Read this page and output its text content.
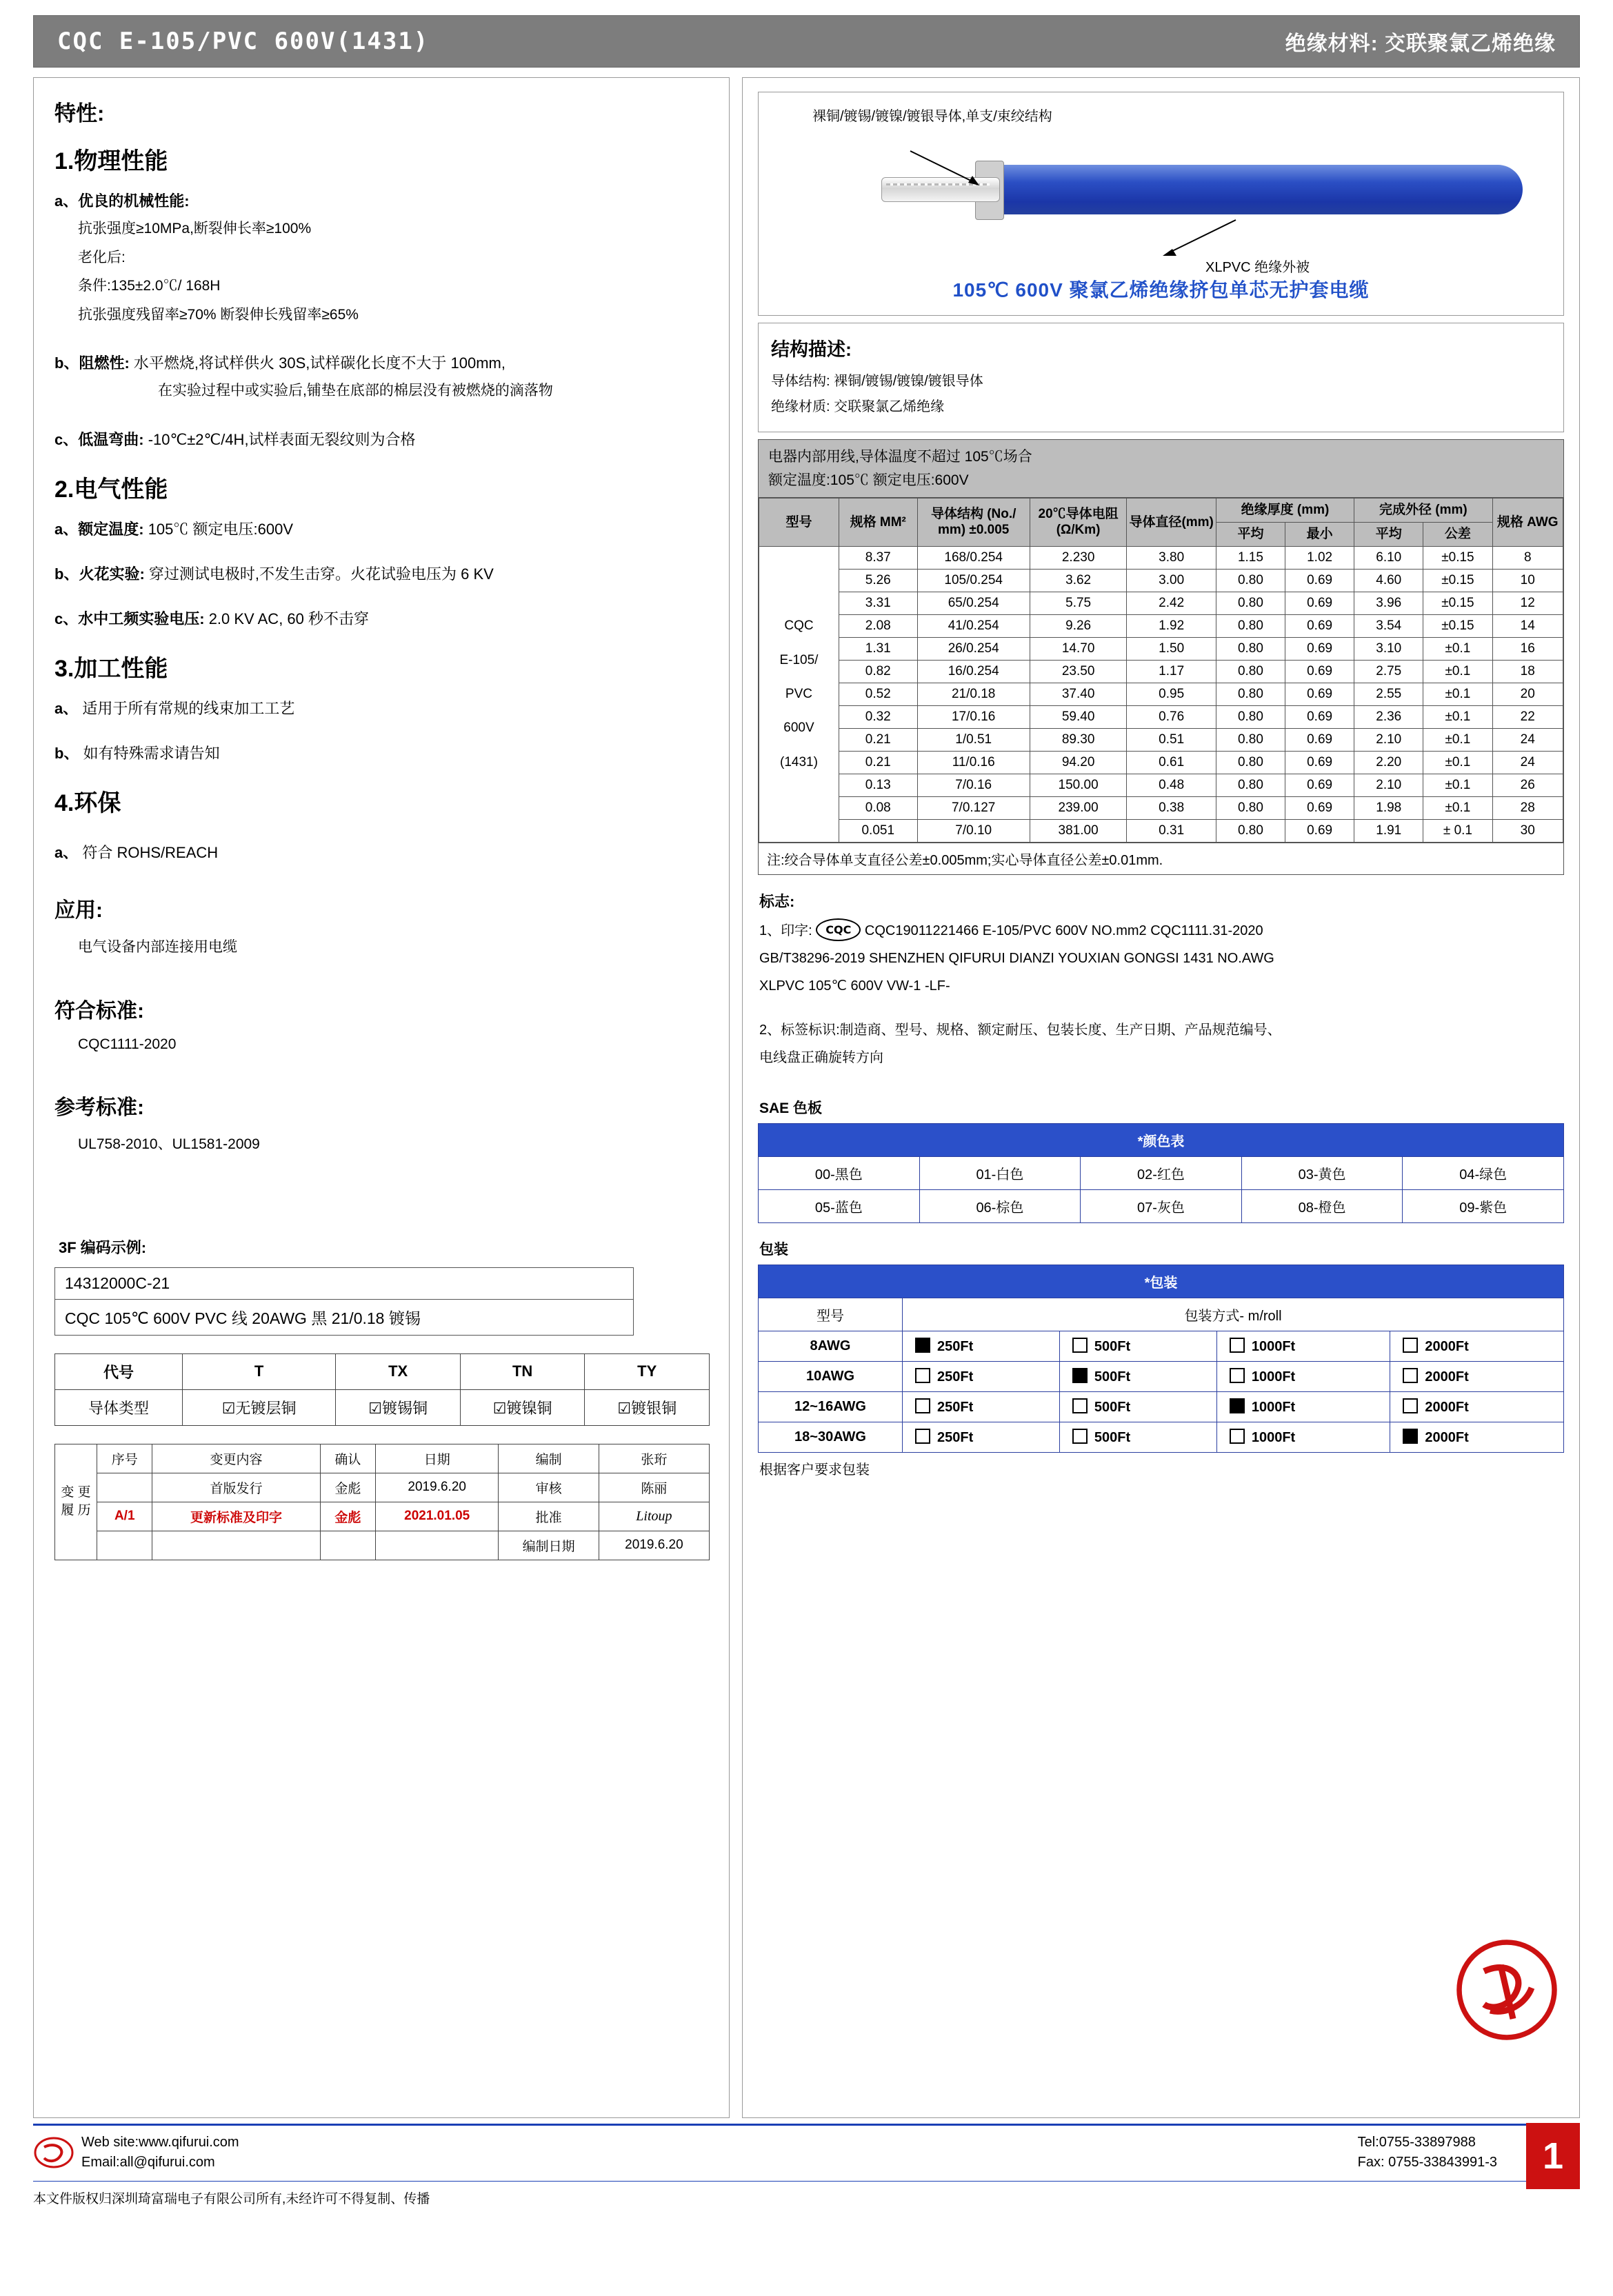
CQC E-105/PVC 600V(1431)	绝缘材料: 交联聚氯乙烯绝缘
特性:
1.物理性能
a、优良的机械性能:
抗张强度≥10MPa,断裂伸长率≥100%
老化后:
条件:135±2.0℃/ 168H
抗张强度残留率≥70% 断裂伸长残留率≥65%
b、阻燃性: 水平燃烧,将试样供火 30S,试样碳化长度不大于 100mm,
在实验过程中或实验后,铺垫在底部的棉层没有被燃烧的滴落物
c、低温弯曲: -10℃±2℃/4H,试样表面无裂纹则为合格
2.电气性能
a、额定温度: 105℃ 额定电压:600V
b、火花实验: 穿过测试电极时,不发生击穿。火花试验电压为 6 KV
c、水中工频实验电压: 2.0 KV AC, 60 秒不击穿
3.加工性能
a、 适用于所有常规的线束加工工艺
b、 如有特殊需求请告知
4.环保
a、 符合 ROHS/REACH
应用:
电气设备内部连接用电缆
符合标准:
CQC1111-2020
参考标准:
UL758-2010、UL1581-2009
3F 编码示例:
14312000C-21
CQC 105℃ 600V PVC 线 20AWG 黑 21/0.18 镀锡
代号	T	TX	TN	TY
导体类型	☑无镀层铜	☑镀锡铜	☑镀镍铜	☑镀银铜
变 更 履 历	序号	变更内容	确认	日期	编制	张珩
		首版发行	金彪	2019.6.20	审核	陈丽
	A/1	更新标准及印字	金彪	2021.01.05	批准	Litoup
					编制日期	2019.6.20
裸铜/镀锡/镀镍/镀银导体,单支/束绞结构
XLPVC 绝缘外被
105℃ 600V 聚氯乙烯绝缘挤包单芯无护套电缆
结构描述:
导体结构: 裸铜/镀锡/镀镍/镀银导体
绝缘材质: 交联聚氯乙烯绝缘
电器内部用线,导体温度不超过 105℃场合
额定温度:105℃ 额定电压:600V
型号	规格 MM²	导体结构 (No./ mm) ±0.005	20℃导体电阻 (Ω/Km)	导体直径(mm)	绝缘厚度 (mm)		完成外径 (mm)		规格 AWG
					平均	最小	平均	公差	

CQC
E-105/
PVC
600V
(1431)	8.37	168/0.254	2.230	3.80	1.15	1.02	6.10	±0.15	8
	5.26	105/0.254	3.62	3.00	0.80	0.69	4.60	±0.15	10
	3.31	65/0.254	5.75	2.42	0.80	0.69	3.96	±0.15	12
	2.08	41/0.254	9.26	1.92	0.80	0.69	3.54	±0.15	14
	1.31	26/0.254	14.70	1.50	0.80	0.69	3.10	±0.1	16
	0.82	16/0.254	23.50	1.17	0.80	0.69	2.75	±0.1	18
	0.52	21/0.18	37.40	0.95	0.80	0.69	2.55	±0.1	20
	0.32	17/0.16	59.40	0.76	0.80	0.69	2.36	±0.1	22
	0.21	1/0.51	89.30	0.51	0.80	0.69	2.10	±0.1	24
	0.21	11/0.16	94.20	0.61	0.80	0.69	2.20	±0.1	24
	0.13	7/0.16	150.00	0.48	0.80	0.69	2.10	±0.1	26
	0.08	7/0.127	239.00	0.38	0.80	0.69	1.98	±0.1	28
	0.051	7/0.10	381.00	0.31	0.80	0.69	1.91	± 0.1	30
注:绞合导体单支直径公差±0.005mm;实心导体直径公差±0.01mm.
标志:
1、印字: CQC CQC19011221466 E-105/PVC 600V NO.mm2 CQC1111.31-2020
GB/T38296-2019 SHENZHEN QIFURUI DIANZI YOUXIAN GONGSI 1431 NO.AWG
XLPVC 105℃ 600V VW-1 -LF-
2、标签标识:制造商、型号、规格、额定耐压、包装长度、生产日期、产品规范编号、
电线盘正确旋转方向
SAE 色板
*颜色表				
00-黑色	01-白色	02-红色	03-黄色	04-绿色
05-蓝色	06-棕色	07-灰色	08-橙色	09-紫色
包装
*包装				
型号	包装方式- m/roll			
8AWG	250Ft	500Ft	1000Ft	2000Ft
10AWG	250Ft	500Ft	1000Ft	2000Ft
12~16AWG	250Ft	500Ft	1000Ft	2000Ft
18~30AWG	250Ft	500Ft	1000Ft	2000Ft
根据客户要求包装
Web site:www.qifurui.com
Email:all@qifurui.com
Tel:0755-33897988
Fax: 0755-33843991-3	1
本文件版权归深圳琦富瑞电子有限公司所有,未经许可不得复制、传播
